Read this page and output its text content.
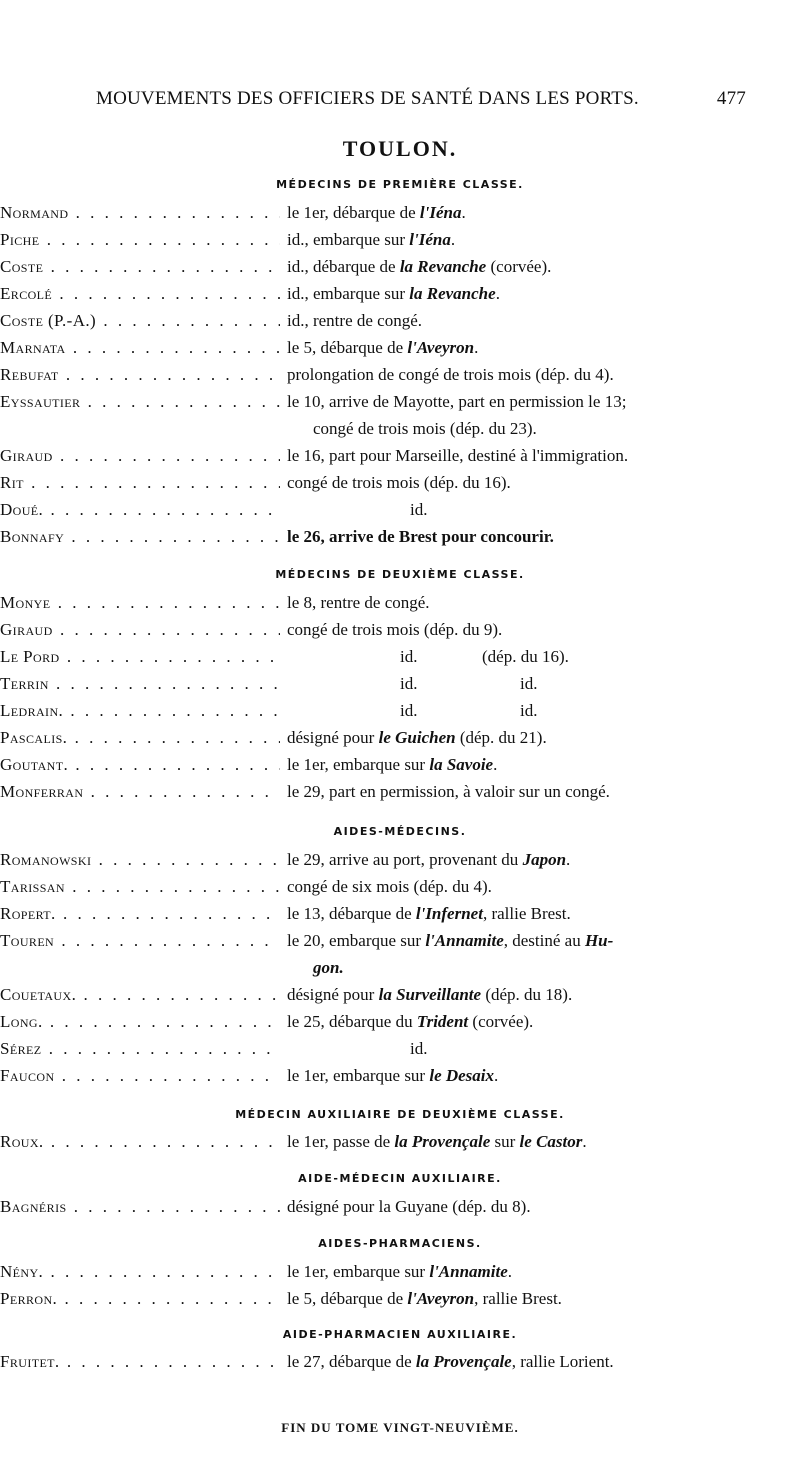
MOUVEMENTS DES OFFICIERS DE SANTÉ DANS LES PORTS.	477
TOULON.
MÉDECINS DE PREMIÈRE CLASSE.
Normand . . .	le 1er, débarque de l'Iéna.
Piche . . .	id., embarque sur l'Iéna.
Coste . . .	id., débarque de la Revanche (corvée).
Ercolé . . .	id., embarque sur la Revanche.
Coste (P.-A.) . . .	id., rentre de congé.
Marnata . . .	le 5, débarque de l'Aveyron.
Rebufat . . .	prolongation de congé de trois mois (dép. du 4).
Eyssautier . . .	le 10, arrive de Mayotte, part en permission le 13;
congé de trois mois (dép. du 23).
Giraud . . .	le 16, part pour Marseille, destiné à l'immigration.
Rit . . .	congé de trois mois (dép. du 16).
Doué. . . .	id.
Bonnafy . . .	le 26, arrive de Brest pour concourir.
MÉDECINS DE DEUXIÈME CLASSE.
Monye . . .	le 8, rentre de congé.
Giraud . . .	congé de trois mois (dép. du 9).
Le Pord . . .	id.	(dép. du 16).
Terrin . . .	id.	id.
Ledrain. . . .	id.	id.
Pascalis. . . .	désigné pour le Guichen (dép. du 21).
Goutant. . . .	le 1er, embarque sur la Savoie.
Monferran . . .	le 29, part en permission, à valoir sur un congé.
AIDES-MÉDECINS.
Romanowski . . .	le 29, arrive au port, provenant du Japon.
Tarissan . . .	congé de six mois (dép. du 4).
Ropert. . . .	le 13, débarque de l'Infernet, rallie Brest.
Touren . . .	le 20, embarque sur l'Annamite, destiné au Hu-
gon.
Couetaux. . . .	désigné pour la Surveillante (dép. du 18).
Long. . . .	le 25, débarque du Trident (corvée).
Sérez . . .	id.
Faucon . . .	le 1er, embarque sur le Desaix.
MÉDECIN AUXILIAIRE DE DEUXIÈME CLASSE.
Roux. . . .	le 1er, passe de la Provençale sur le Castor.
AIDE-MÉDECIN AUXILIAIRE.
Bagnéris . . .	désigné pour la Guyane (dép. du 8).
AIDES-PHARMACIENS.
Nény. . . .	le 1er, embarque sur l'Annamite.
Perron. . . .	le 5, débarque de l'Aveyron, rallie Brest.
AIDE-PHARMACIEN AUXILIAIRE.
Fruitet. . . .	le 27, débarque de la Provençale, rallie Lorient.
FIN DU TOME VINGT-NEUVIÈME.
